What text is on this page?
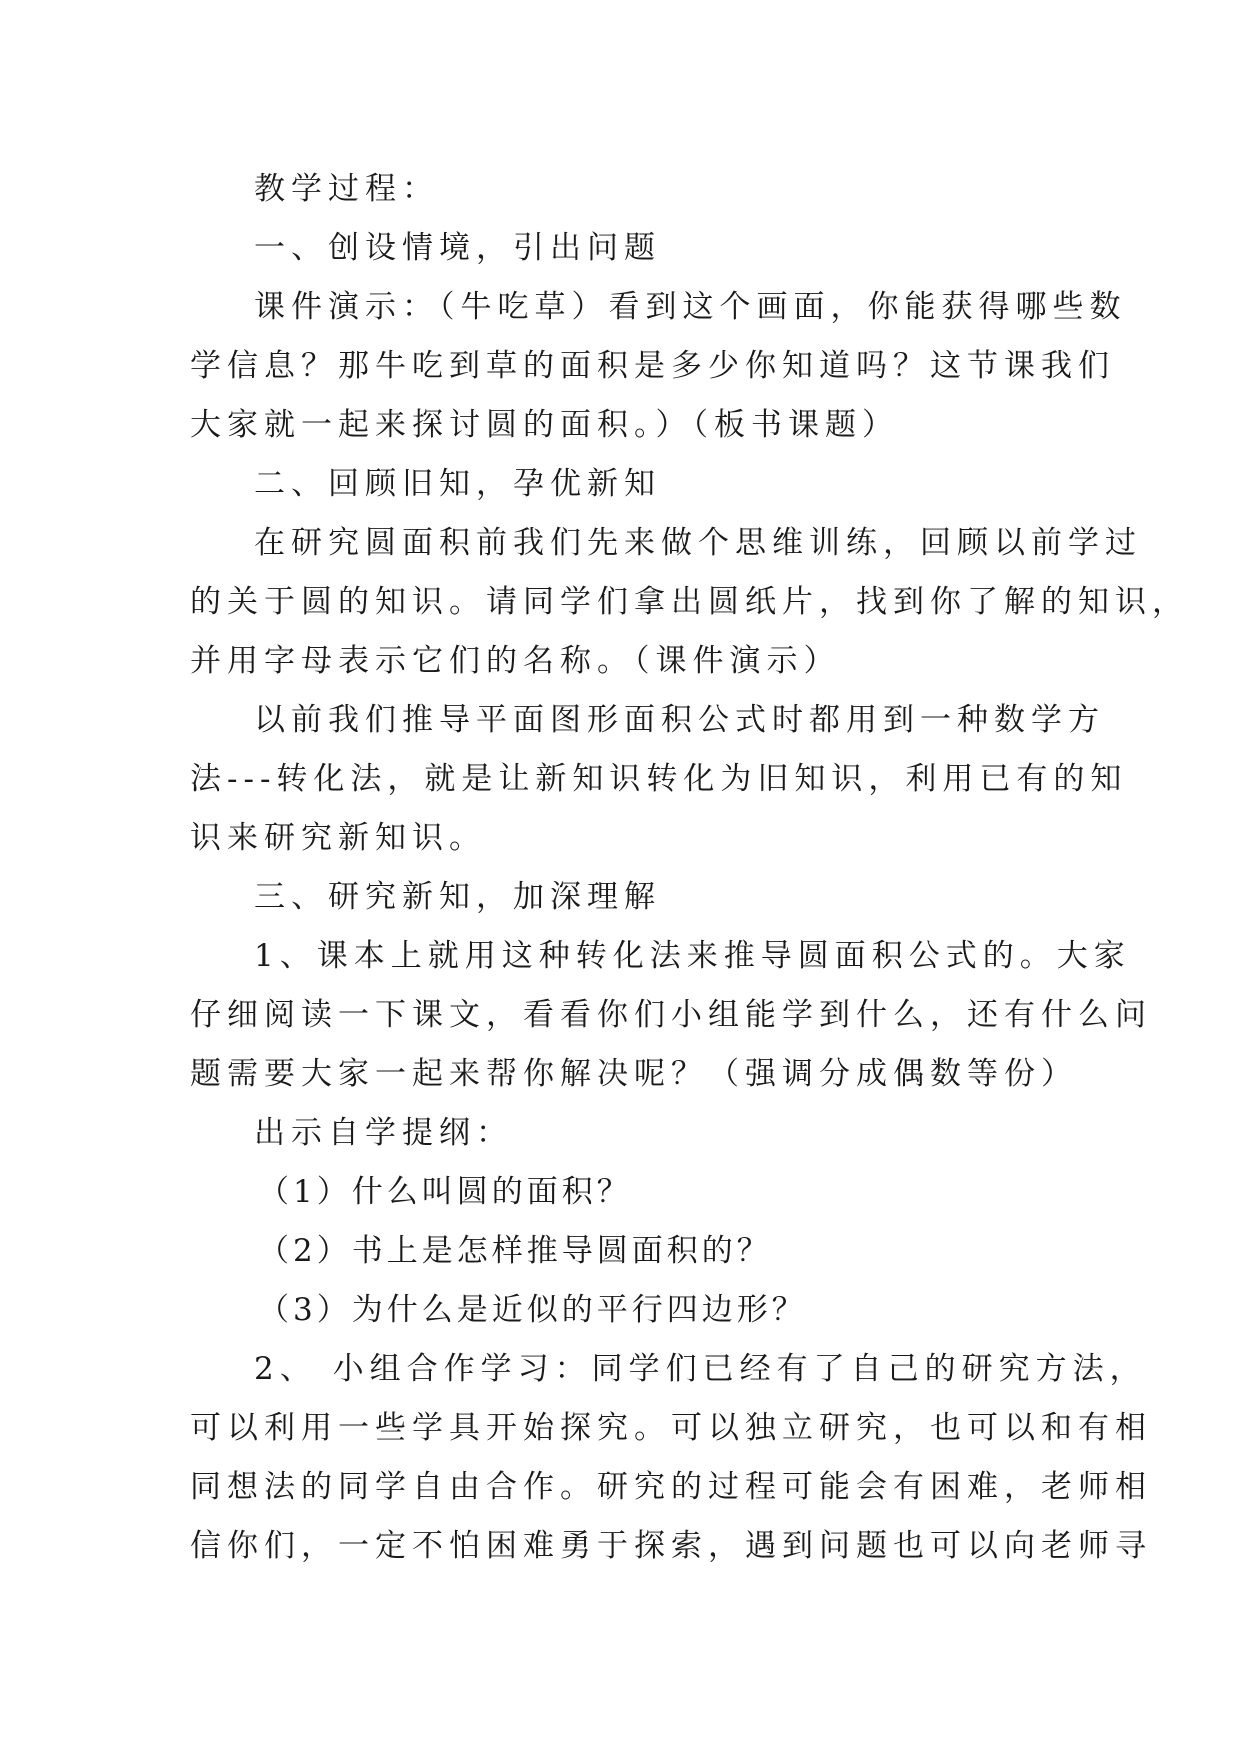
教学过程：

一、创设情境，引出问题

课件演示：（牛吃草）看到这个画面，你能获得哪些数

学信息？那牛吃到草的面积是多少你知道吗？这节课我们

大家就一起来探讨圆的面积。）（板书课题）

二、回顾旧知，孕优新知

在研究圆面积前我们先来做个思维训练，回顾以前学过

的关于圆的知识。请同学们拿出圆纸片，找到你了解的知识，

并用字母表示它们的名称。（课件演示）

以前我们推导平面图形面积公式时都用到一种数学方

法---转化法，就是让新知识转化为旧知识，利用已有的知

识来研究新知识。

三、研究新知，加深理解

1、课本上就用这种转化法来推导圆面积公式的。大家

仔细阅读一下课文，看看你们小组能学到什么，还有什么问

题需要大家一起来帮你解决呢？（强调分成偶数等份）

出示自学提纲：

（1）什么叫圆的面积？

（2）书上是怎样推导圆面积的？

（3）为什么是近似的平行四边形？

2、 小组合作学习：同学们已经有了自己的研究方法，

可以利用一些学具开始探究。可以独立研究，也可以和有相

同想法的同学自由合作。研究的过程可能会有困难，老师相

信你们，一定不怕困难勇于探索，遇到问题也可以向老师寻
